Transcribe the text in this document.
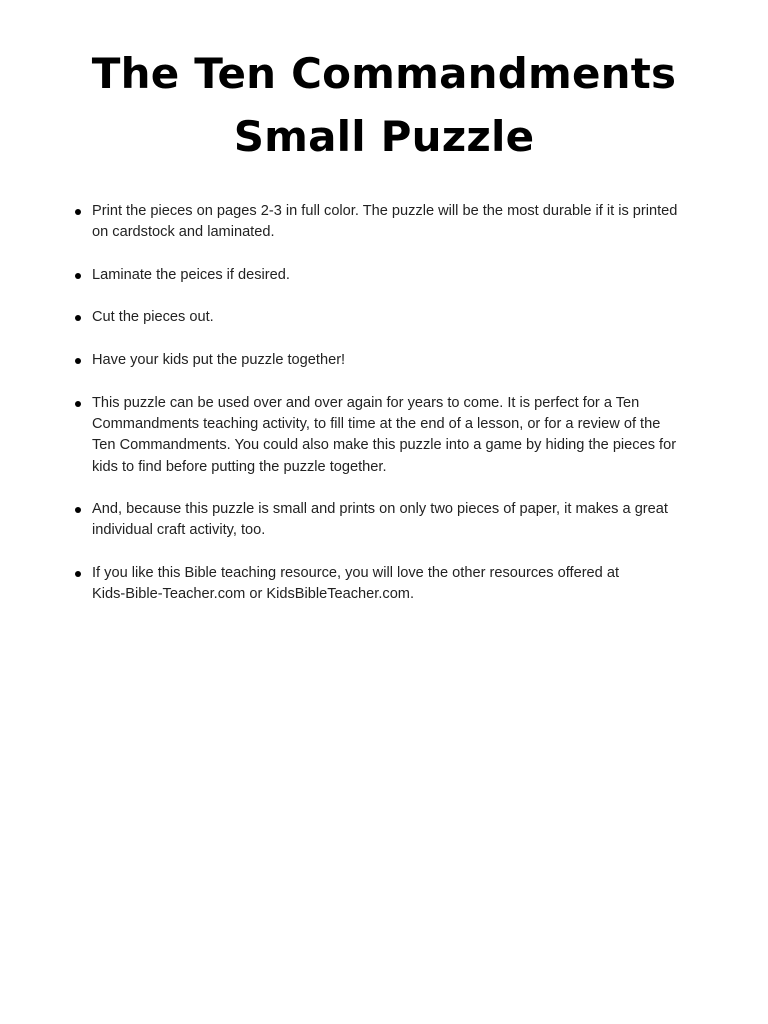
The Ten Commandments
Small Puzzle
Print the pieces on pages 2-3 in full color. The puzzle will be the most durable if it is printed
on cardstock and laminated.
Laminate the peices if desired.
Cut the pieces out.
Have your kids put the puzzle together!
This puzzle can be used over and over again for years to come. It is perfect for a Ten
Commandments teaching activity, to fill time at the end of a lesson, or for a review of the
Ten Commandments. You could also make this puzzle into a game by hiding the pieces for
kids to find before putting the puzzle together.
And, because this puzzle is small and prints on only two pieces of paper, it makes a great
individual craft activity, too.
If you like this Bible teaching resource, you will love the other resources offered at
Kids-Bible-Teacher.com or KidsBibleTeacher.com.
